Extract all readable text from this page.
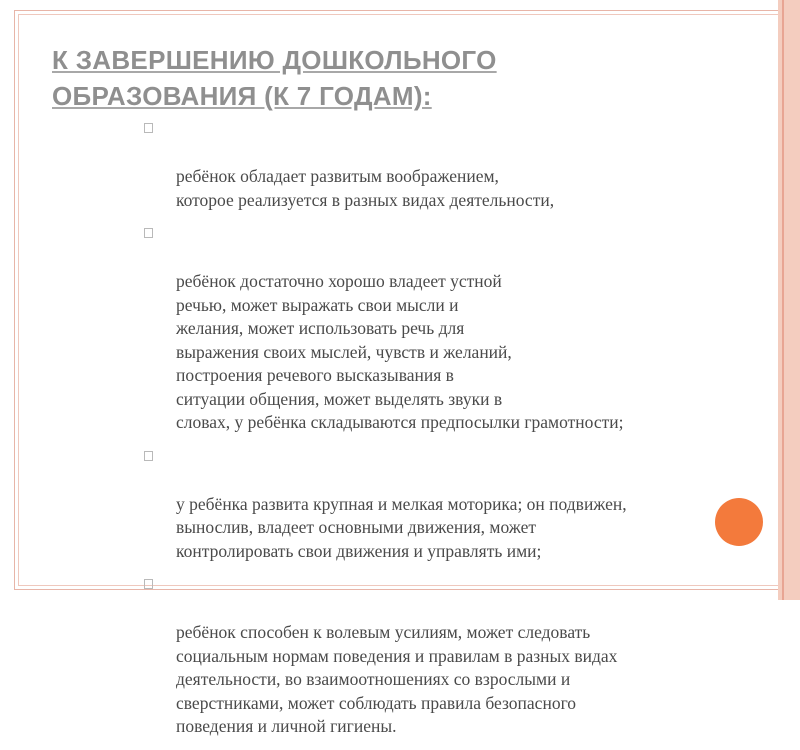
К ЗАВЕРШЕНИЮ ДОШКОЛЬНОГО
ОБРАЗОВАНИЯ (К 7 ГОДАМ):

ребёнок обладает развитым воображением,
которое реализуется в разных видах деятельности,

ребёнок достаточно хорошо владеет устной
речью, может выражать свои мысли и
желания, может использовать речь для
выражения своих мыслей, чувств и желаний,
построения речевого высказывания в
ситуации общения, может выделять звуки в
словах, у ребёнка складываются предпосылки грамотности;

у ребёнка развита крупная и мелкая моторика; он подвижен,
вынослив, владеет основными движения, может
контролировать свои движения и управлять ими;

ребёнок способен к волевым усилиям, может следовать
социальным нормам поведения и правилам в разных видах
деятельности, во взаимоотношениях со взрослыми и
сверстниками, может соблюдать правила безопасного
поведения и личной гигиены.
